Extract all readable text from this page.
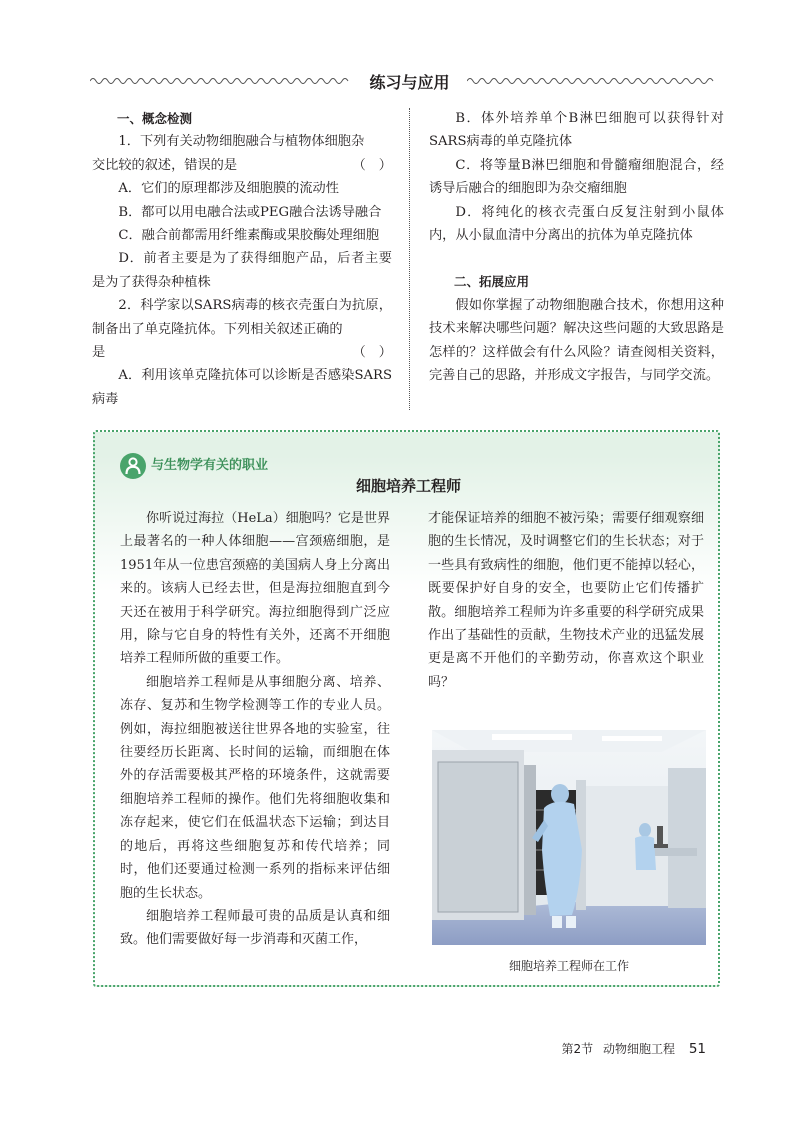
练习与应用
一、概念检测
1．下列有关动物细胞融合与植物体细胞杂
交比较的叙述，错误的是	（　）
A．它们的原理都涉及细胞膜的流动性
B．都可以用电融合法或PEG融合法诱导融合
C．融合前都需用纤维素酶或果胶酶处理细胞
D．前者主要是为了获得细胞产品，后者主要是为了获得杂种植株
2．科学家以SARS病毒的核衣壳蛋白为抗原，制备出了单克隆抗体。下列相关叙述正确的
是	（　）
A．利用该单克隆抗体可以诊断是否感染SARS病毒
B．体外培养单个B淋巴细胞可以获得针对SARS病毒的单克隆抗体
C．将等量B淋巴细胞和骨髓瘤细胞混合，经诱导后融合的细胞即为杂交瘤细胞
D．将纯化的核衣壳蛋白反复注射到小鼠体内，从小鼠血清中分离出的抗体为单克隆抗体
二、拓展应用
假如你掌握了动物细胞融合技术，你想用这种技术来解决哪些问题？解决这些问题的大致思路是怎样的？这样做会有什么风险？请查阅相关资料，完善自己的思路，并形成文字报告，与同学交流。
与生物学有关的职业
细胞培养工程师

你听说过海拉（HeLa）细胞吗？它是世界上最著名的一种人体细胞——宫颈癌细胞，是1951年从一位患宫颈癌的美国病人身上分离出来的。该病人已经去世，但是海拉细胞直到今天还在被用于科学研究。海拉细胞得到广泛应用，除与它自身的特性有关外，还离不开细胞培养工程师所做的重要工作。

细胞培养工程师是从事细胞分离、培养、冻存、复苏和生物学检测等工作的专业人员。例如，海拉细胞被送往世界各地的实验室，往往要经历长距离、长时间的运输，而细胞在体外的存活需要极其严格的环境条件，这就需要细胞培养工程师的操作。他们先将细胞收集和冻存起来，使它们在低温状态下运输；到达目的地后，再将这些细胞复苏和传代培养；同时，他们还要通过检测一系列的指标来评估细胞的生长状态。

细胞培养工程师最可贵的品质是认真和细致。他们需要做好每一步消毒和灭菌工作，

才能保证培养的细胞不被污染；需要仔细观察细胞的生长情况，及时调整它们的生长状态；对于一些具有致病性的细胞，他们更不能掉以轻心，既要保护好自身的安全，也要防止它们传播扩散。细胞培养工程师为许多重要的科学研究成果作出了基础性的贡献，生物技术产业的迅猛发展更是离不开他们的辛勤劳动，你喜欢这个职业吗？

细胞培养工程师在工作
第2节 动物细胞工程 51
